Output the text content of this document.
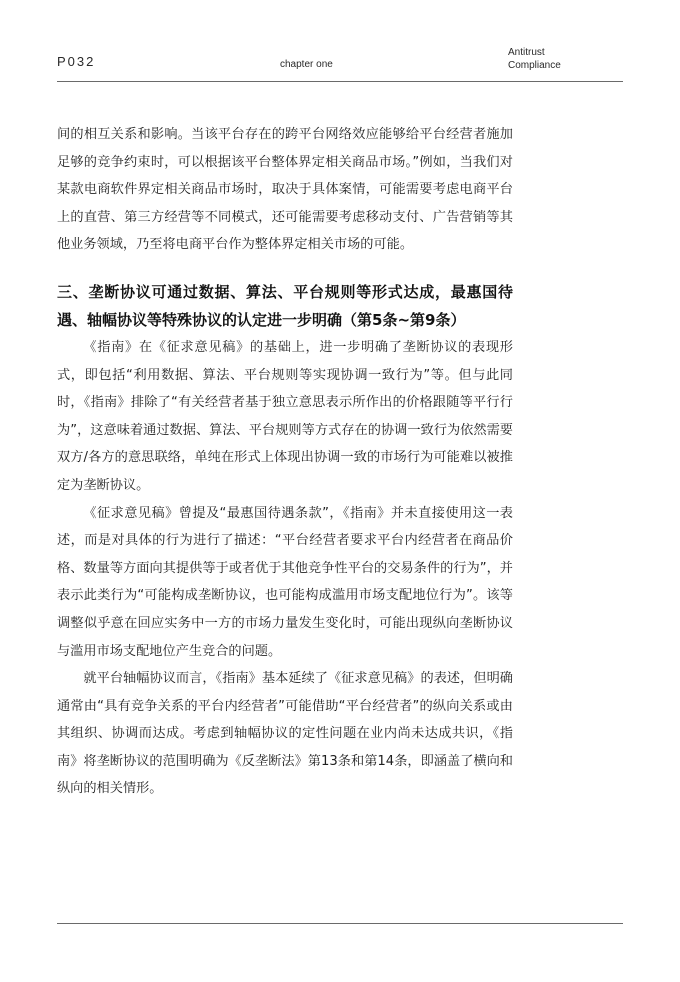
P032	chapter one
Antitrust
Compliance

间的相互关系和影响。当该平台存在的跨平台网络效应能够给平台经营者施加足够的竞争约束时，可以根据该平台整体界定相关商品市场。”例如，当我们对某款电商软件界定相关商品市场时，取决于具体案情，可能需要考虑电商平台上的直营、第三方经营等不同模式，还可能需要考虑移动支付、广告营销等其他业务领域，乃至将电商平台作为整体界定相关市场的可能。

三、垄断协议可通过数据、算法、平台规则等形式达成，最惠国待遇、轴幅协议等特殊协议的认定进一步明确（第5条~第9条）

《指南》在《征求意见稿》的基础上，进一步明确了垄断协议的表现形式，即包括“利用数据、算法、平台规则等实现协调一致行为”等。但与此同时，《指南》排除了“有关经营者基于独立意思表示所作出的价格跟随等平行行为”，这意味着通过数据、算法、平台规则等方式存在的协调一致行为依然需要双方/各方的意思联络，单纯在形式上体现出协调一致的市场行为可能难以被推定为垄断协议。

《征求意见稿》曾提及“最惠国待遇条款”，《指南》并未直接使用这一表述，而是对具体的行为进行了描述：“平台经营者要求平台内经营者在商品价格、数量等方面向其提供等于或者优于其他竞争性平台的交易条件的行为”，并表示此类行为“可能构成垄断协议，也可能构成滥用市场支配地位行为”。该等调整似乎意在回应实务中一方的市场力量发生变化时，可能出现纵向垄断协议与滥用市场支配地位产生竞合的问题。

就平台轴幅协议而言，《指南》基本延续了《征求意见稿》的表述，但明确通常由“具有竞争关系的平台内经营者”可能借助“平台经营者”的纵向关系或由其组织、协调而达成。考虑到轴幅协议的定性问题在业内尚未达成共识，《指南》将垄断协议的范围明确为《反垄断法》第13条和第14条，即涵盖了横向和纵向的相关情形。
